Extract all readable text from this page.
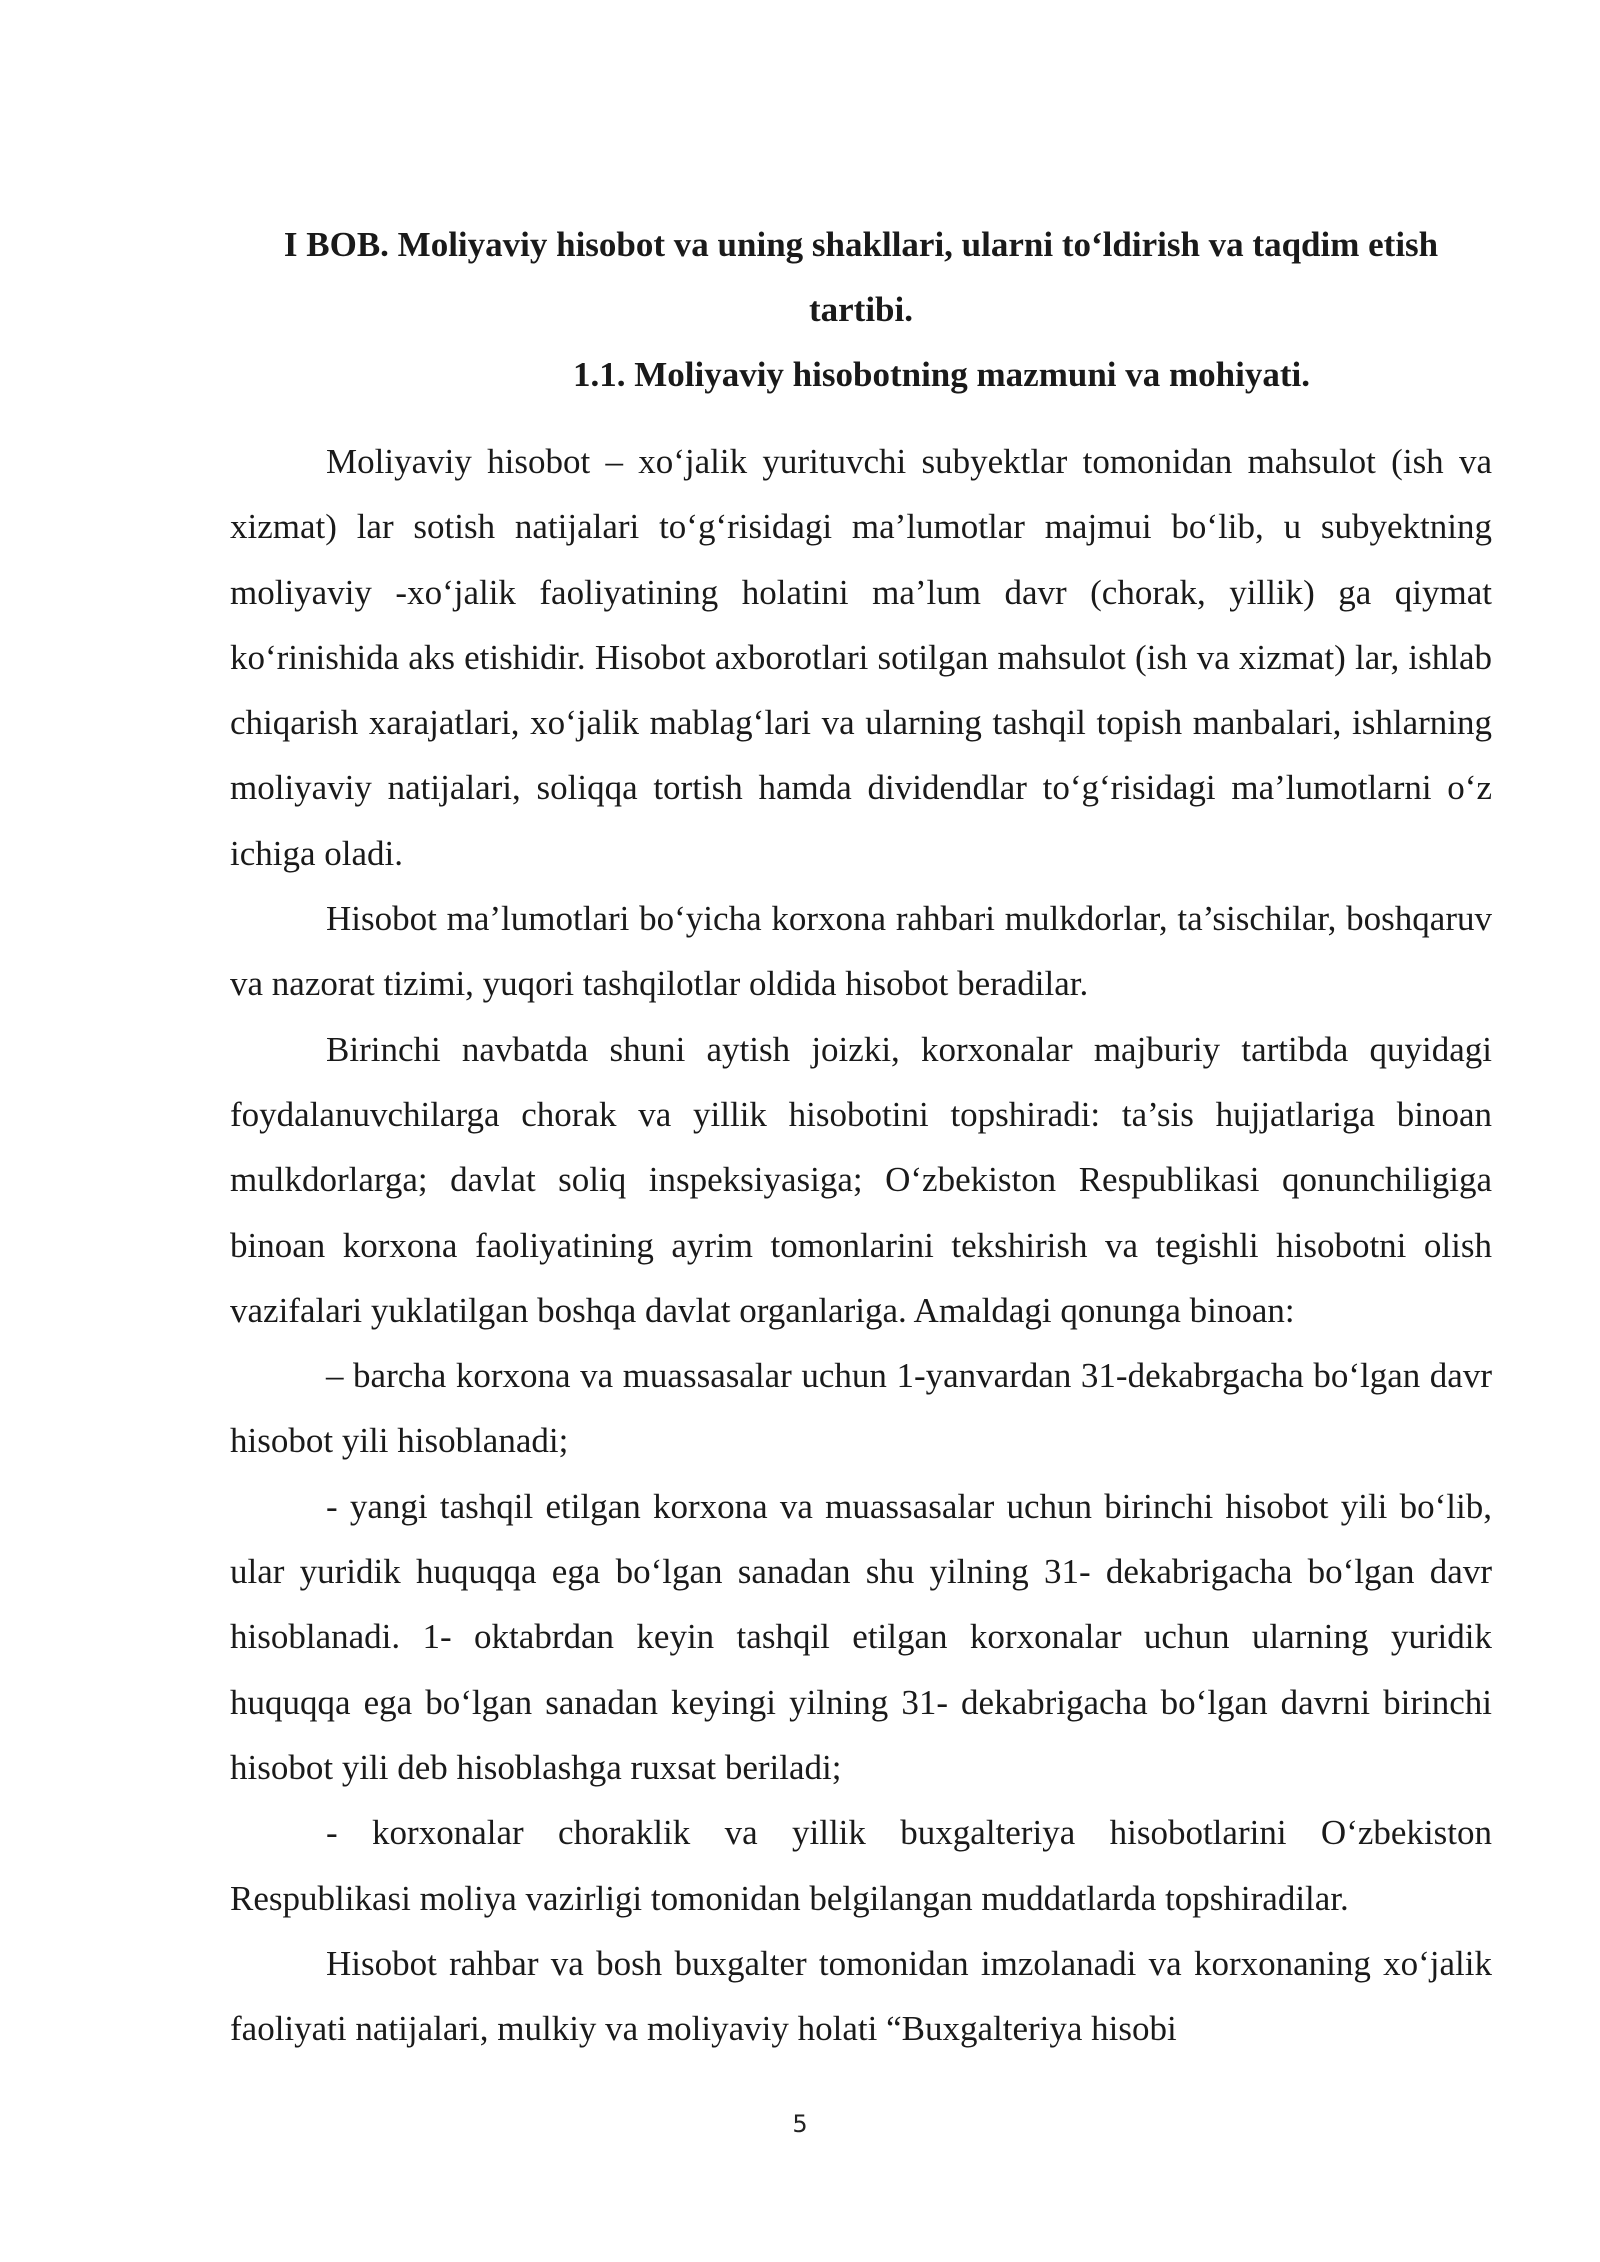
I BOB. Moliyaviy hisobot va uning shakllari, ularni to‘ldirish va taqdim etish tartibi.
1.1. Moliyaviy hisobotning mazmuni va mohiyati.

Moliyaviy hisobot – xo‘jalik yurituvchi subyektlar tomonidan mahsulot (ish va xizmat) lar sotish natijalari to‘g‘risidagi ma’lumotlar majmui bo‘lib, u subyektning moliyaviy -xo‘jalik faoliyatining holatini ma’lum davr (chorak, yillik) ga qiymat ko‘rinishida aks etishidir. Hisobot axborotlari sotilgan mahsulot (ish va xizmat) lar, ishlab chiqarish xarajatlari, xo‘jalik mablag‘lari va ularning tashqil topish manbalari, ishlarning moliyaviy natijalari, soliqqa tortish hamda dividendlar to‘g‘risidagi ma’lumotlarni o‘z ichiga oladi.

Hisobot ma’lumotlari bo‘yicha korxona rahbari mulkdorlar, ta’sischilar, boshqaruv va nazorat tizimi, yuqori tashqilotlar oldida hisobot beradilar.

Birinchi navbatda shuni aytish joizki, korxonalar majburiy tartibda quyidagi foydalanuvchilarga chorak va yillik hisobotini topshiradi: ta’sis hujjatlariga binoan mulkdorlarga; davlat soliq inspeksiyasiga; O‘zbekiston Respublikasi qonunchiligiga binoan korxona faoliyatining ayrim tomonlarini tekshirish va tegishli hisobotni olish vazifalari yuklatilgan boshqa davlat organlariga. Amaldagi qonunga binoan:

– barcha korxona va muassasalar uchun 1-yanvardan 31-dekabrgacha bo‘lgan davr hisobot yili hisoblanadi;

- yangi tashqil etilgan korxona va muassasalar uchun birinchi hisobot yili bo‘lib, ular yuridik huquqqa ega bo‘lgan sanadan shu yilning 31- dekabrigacha bo‘lgan davr hisoblanadi. 1- oktabrdan keyin tashqil etilgan korxonalar uchun ularning yuridik huquqqa ega bo‘lgan sanadan keyingi yilning 31- dekabrigacha bo‘lgan davrni birinchi hisobot yili deb hisoblashga ruxsat beriladi;

- korxonalar choraklik va yillik buxgalteriya hisobotlarini O‘zbekiston Respublikasi moliya vazirligi tomonidan belgilangan muddatlarda topshiradilar.

Hisobot rahbar va bosh buxgalter tomonidan imzolanadi va korxonaning xo‘jalik faoliyati natijalari, mulkiy va moliyaviy holati “Buxgalteriya hisobi

5
